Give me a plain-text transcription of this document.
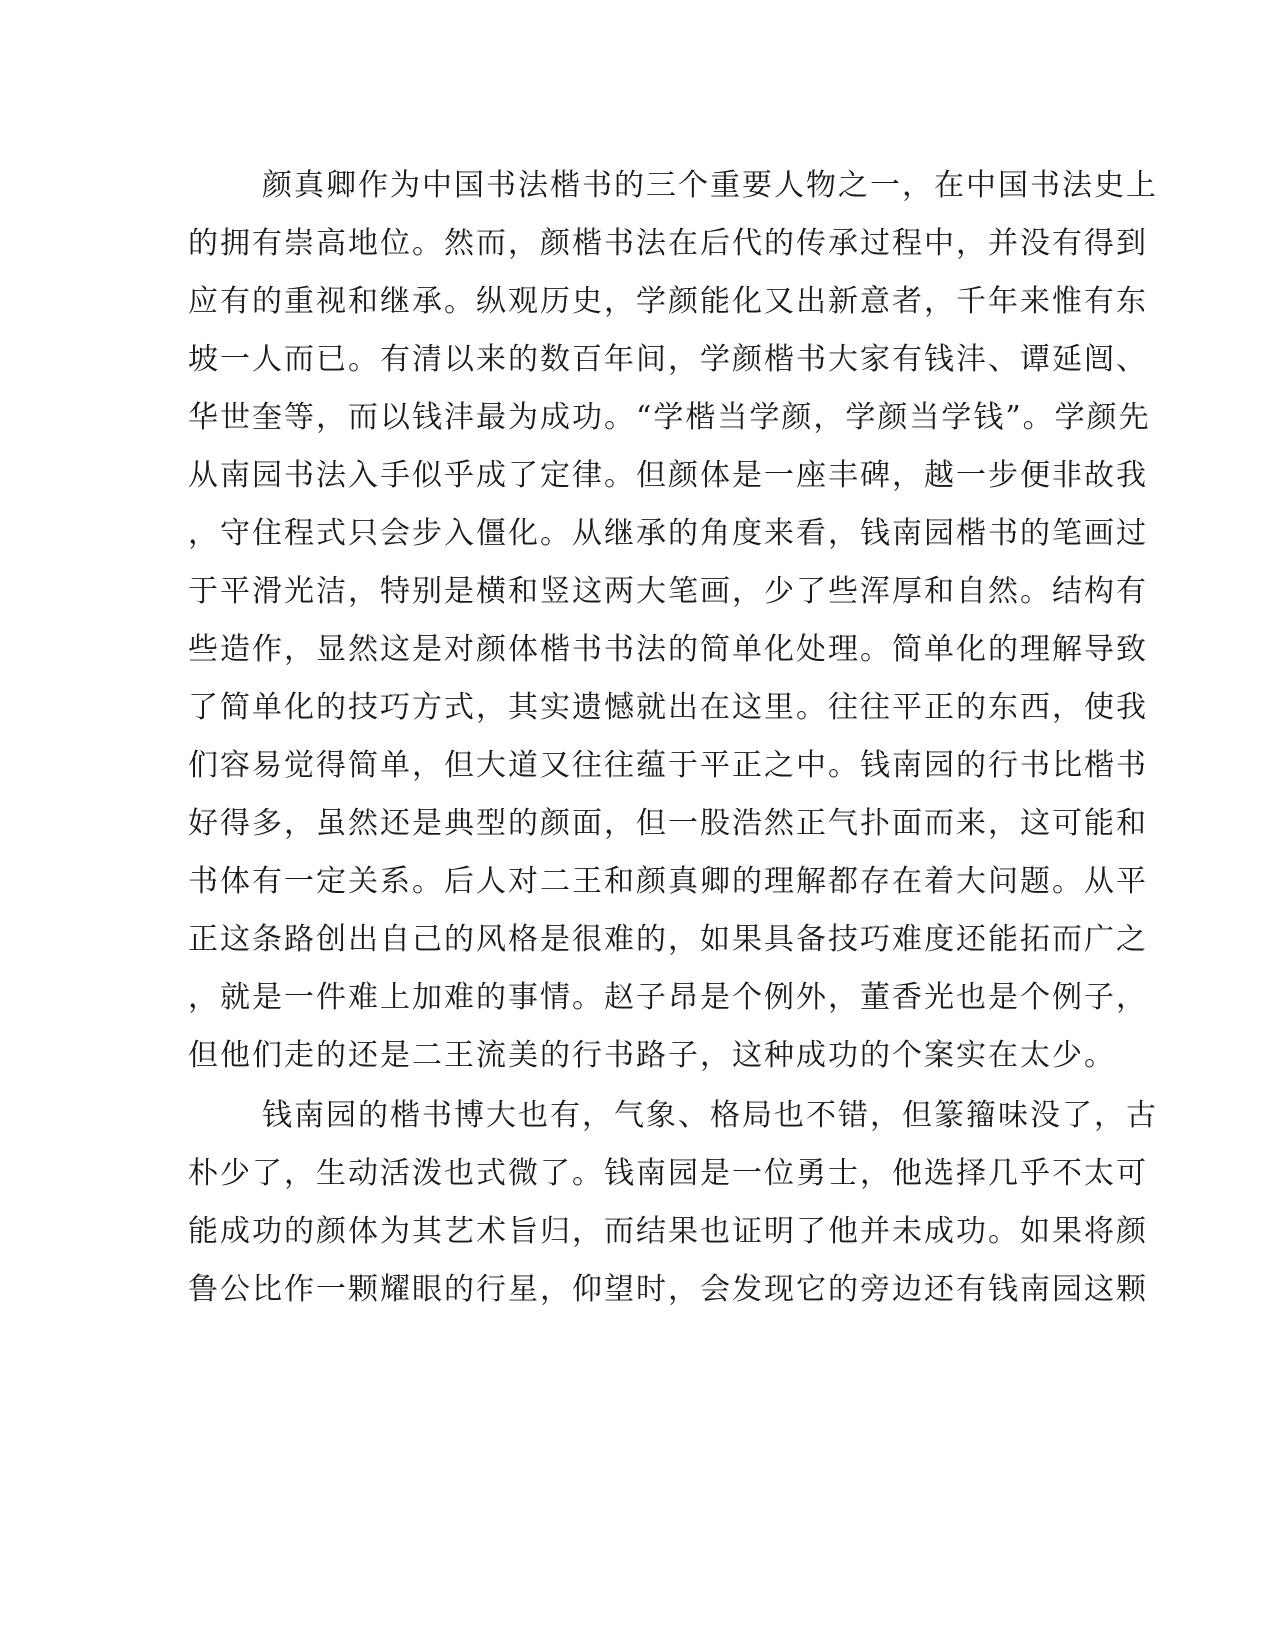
颜真卿作为中国书法楷书的三个重要人物之一，在中国书法史上
的拥有崇高地位。然而，颜楷书法在后代的传承过程中，并没有得到
应有的重视和继承。纵观历史，学颜能化又出新意者，千年来惟有东
坡一人而已。有清以来的数百年间，学颜楷书大家有钱沣、谭延闿、
华世奎等，而以钱沣最为成功。“学楷当学颜，学颜当学钱”。学颜先
从南园书法入手似乎成了定律。但颜体是一座丰碑，越一步便非故我
，守住程式只会步入僵化。从继承的角度来看，钱南园楷书的笔画过
于平滑光洁，特别是横和竖这两大笔画，少了些浑厚和自然。结构有
些造作，显然这是对颜体楷书书法的简单化处理。简单化的理解导致
了简单化的技巧方式，其实遗憾就出在这里。往往平正的东西，使我
们容易觉得简单，但大道又往往蕴于平正之中。钱南园的行书比楷书
好得多，虽然还是典型的颜面，但一股浩然正气扑面而来，这可能和
书体有一定关系。后人对二王和颜真卿的理解都存在着大问题。从平
正这条路创出自己的风格是很难的，如果具备技巧难度还能拓而广之
，就是一件难上加难的事情。赵子昂是个例外，董香光也是个例子，
但他们走的还是二王流美的行书路子，这种成功的个案实在太少。
钱南园的楷书博大也有，气象、格局也不错，但篆籀味没了，古
朴少了，生动活泼也式微了。钱南园是一位勇士，他选择几乎不太可
能成功的颜体为其艺术旨归，而结果也证明了他并未成功。如果将颜
鲁公比作一颗耀眼的行星，仰望时，会发现它的旁边还有钱南园这颗
